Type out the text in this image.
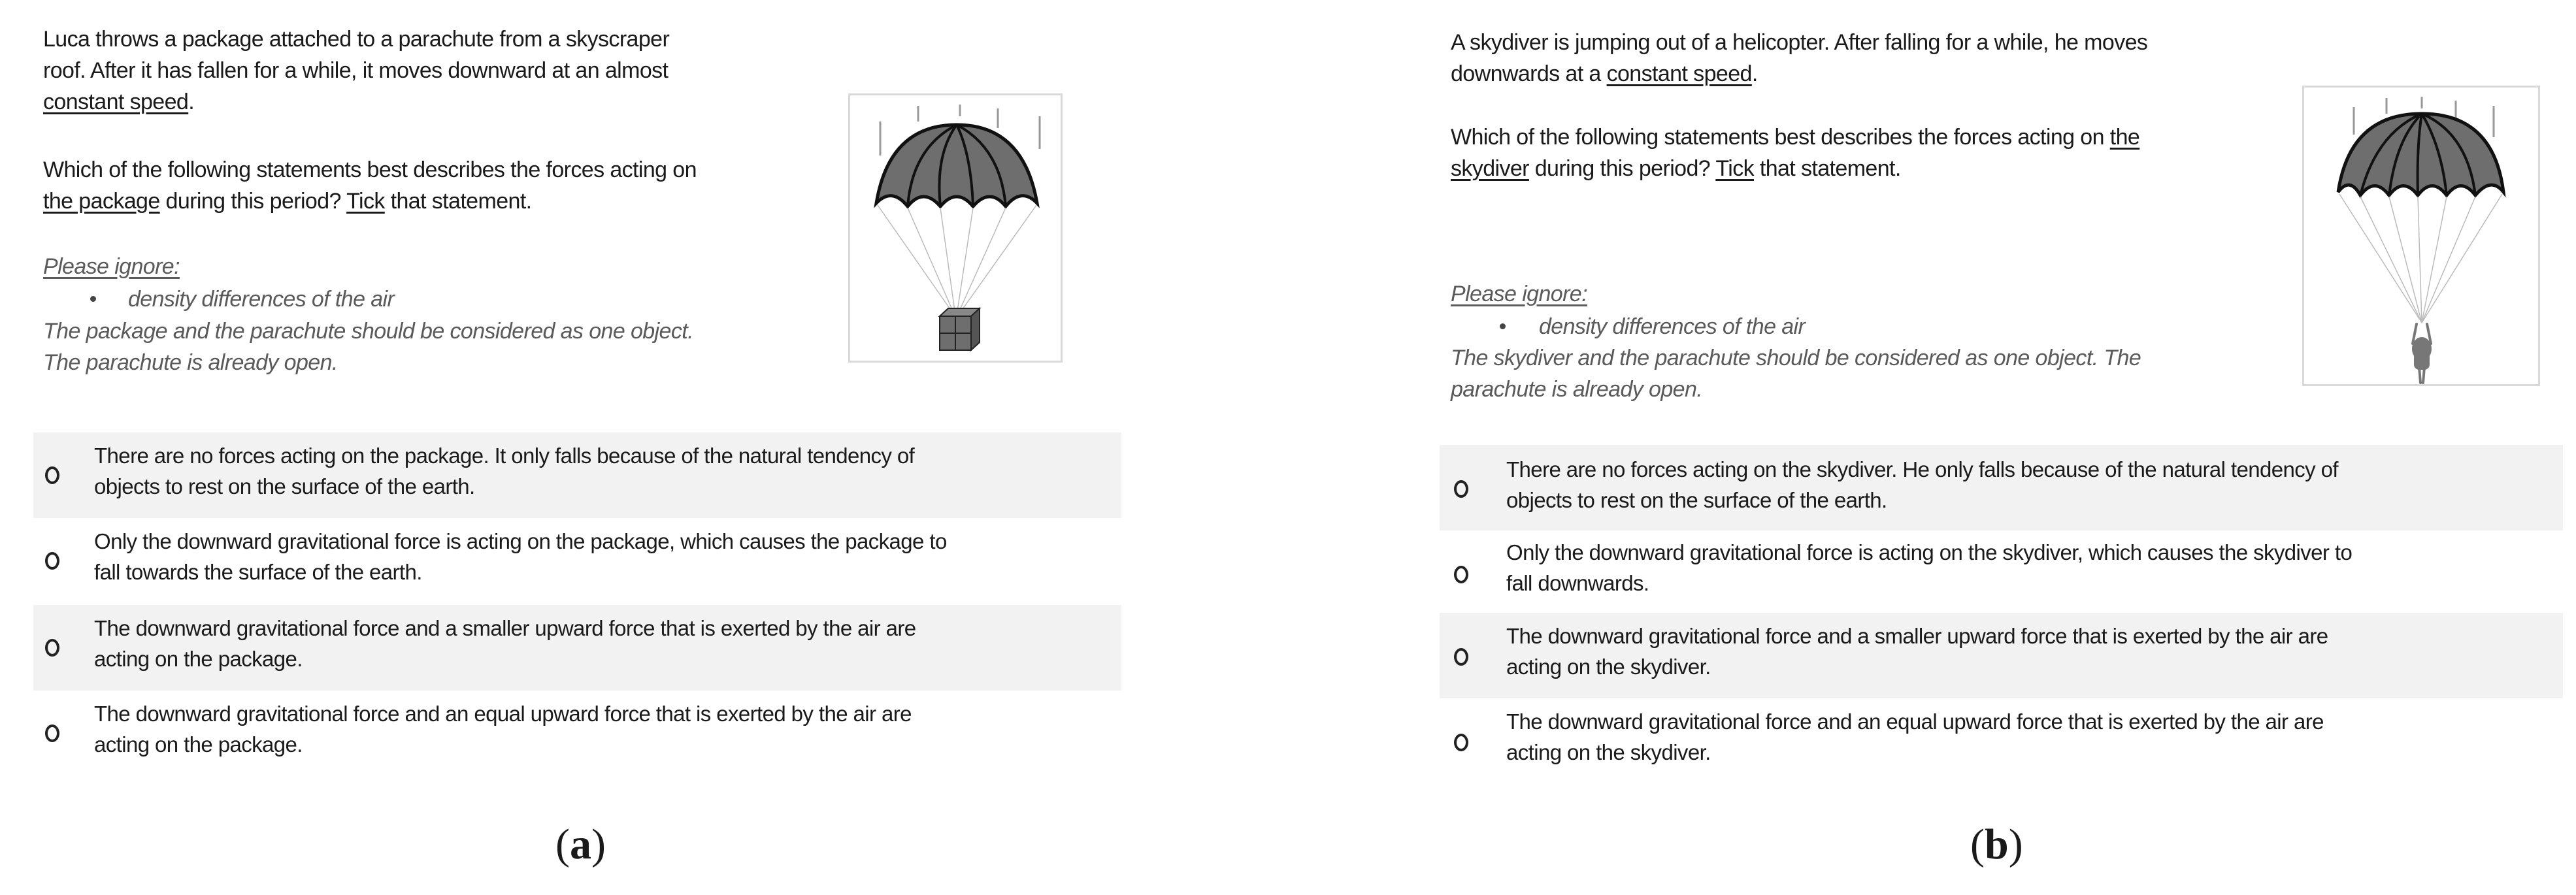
Luca throws a package attached to a parachute from a skyscraper
roof. After it has fallen for a while, it moves downward at an almost
constant speed.
Which of the following statements best describes the forces acting on
the package during this period? Tick that statement.
Please ignore:
density differences of the air
The package and the parachute should be considered as one object.
The parachute is already open.
There are no forces acting on the package. It only falls because of the natural tendency of
objects to rest on the surface of the earth.
Only the downward gravitational force is acting on the package, which causes the package to
fall towards the surface of the earth.
The downward gravitational force and a smaller upward force that is exerted by the air are
acting on the package.
The downward gravitational force and an equal upward force that is exerted by the air are
acting on the package.
(a)
A skydiver is jumping out of a helicopter. After falling for a while, he moves
downwards at a constant speed.
Which of the following statements best describes the forces acting on the
skydiver during this period? Tick that statement.
Please ignore:
density differences of the air
The skydiver and the parachute should be considered as one object. The
parachute is already open.
There are no forces acting on the skydiver. He only falls because of the natural tendency of
objects to rest on the surface of the earth.
Only the downward gravitational force is acting on the skydiver, which causes the skydiver to
fall downwards.
The downward gravitational force and a smaller upward force that is exerted by the air are
acting on the skydiver.
The downward gravitational force and an equal upward force that is exerted by the air are
acting on the skydiver.
(b)
